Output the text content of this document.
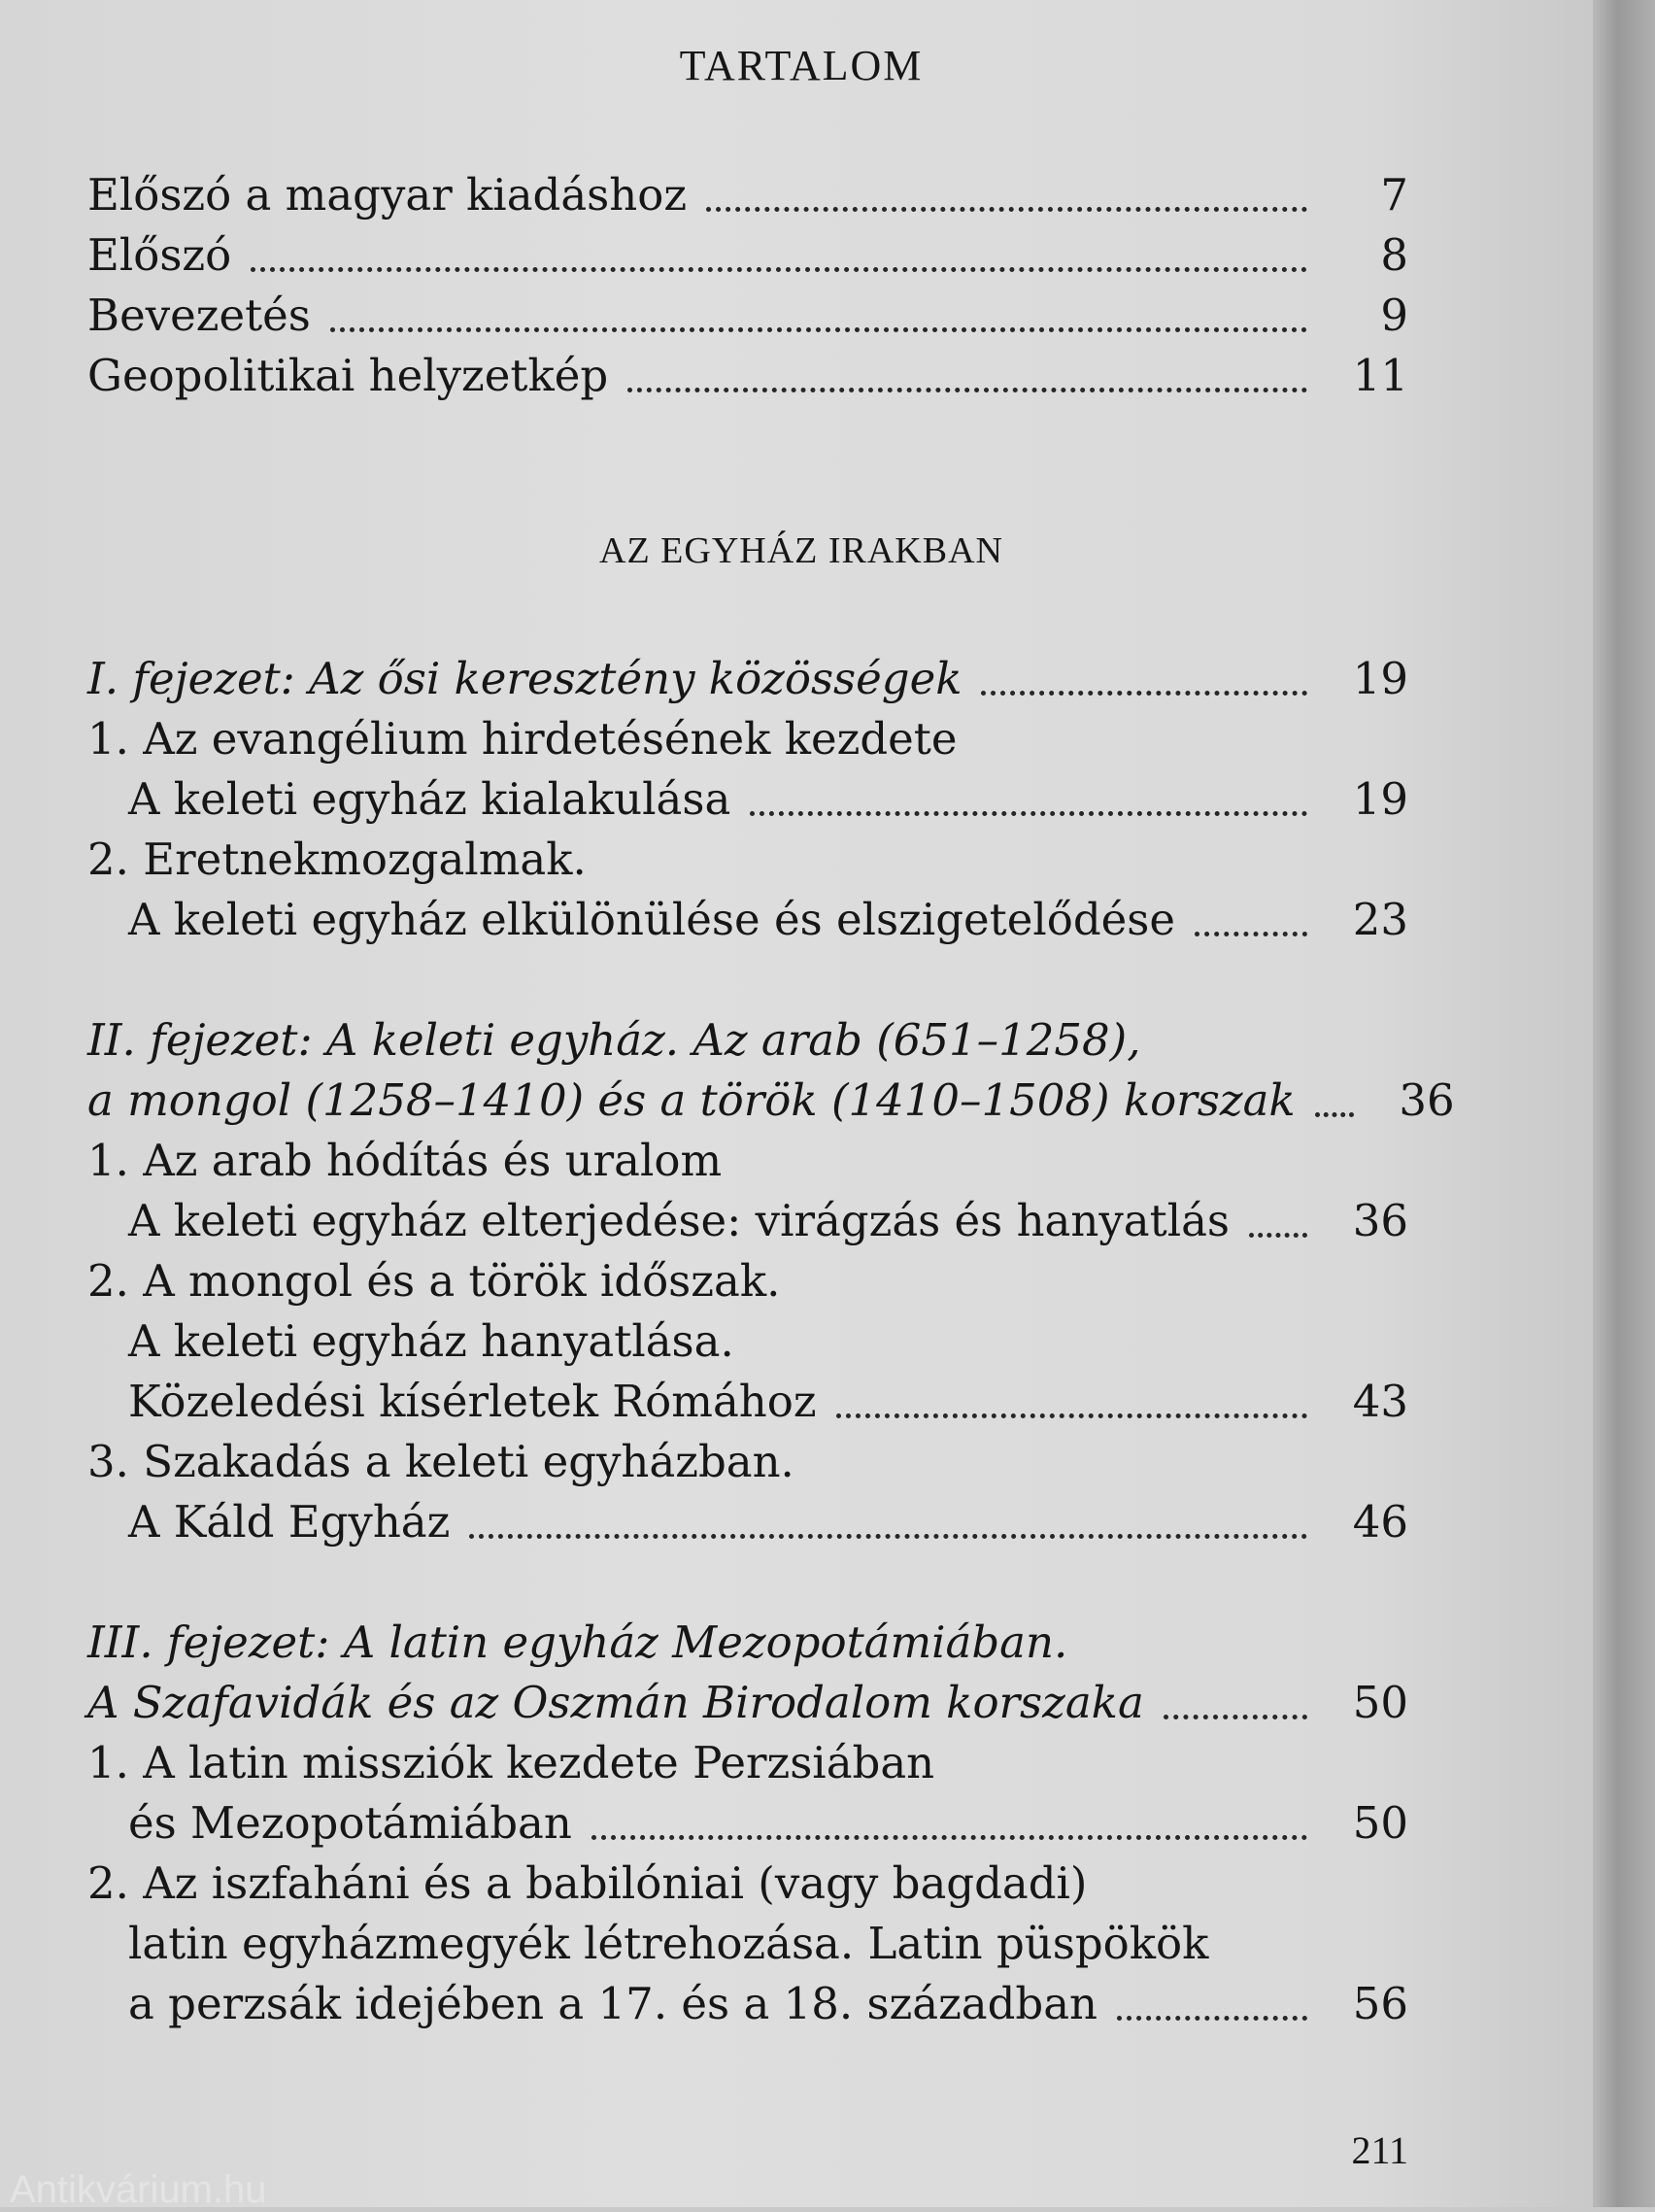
TARTALOM
Előszó a magyar kiadáshoz	7
Előszó	8
Bevezetés	9
Geopolitikai helyzetkép	11
AZ EGYHÁZ IRAKBAN
I. fejezet: Az ősi keresztény közösségek	19
1. Az evangélium hirdetésének kezdete
A keleti egyház kialakulása	19
2. Eretnekmozgalmak.
A keleti egyház elkülönülése és elszigetelődése	23
II. fejezet: A keleti egyház. Az arab (651–1258),
a mongol (1258–1410) és a török (1410–1508) korszak	36
1. Az arab hódítás és uralom
A keleti egyház elterjedése: virágzás és hanyatlás	36
2. A mongol és a török időszak.
A keleti egyház hanyatlása.
Közeledési kísérletek Rómához	43
3. Szakadás a keleti egyházban.
A Káld Egyház	46
III. fejezet: A latin egyház Mezopotámiában.
A Szafavidák és az Oszmán Birodalom korszaka	50
1. A latin missziók kezdete Perzsiában
és Mezopotámiában	50
2. Az iszfaháni és a babilóniai (vagy bagdadi)
latin egyházmegyék létrehozása. Latin püspökök
a perzsák idejében a 17. és a 18. században	56
211
Antikvárium.hu
